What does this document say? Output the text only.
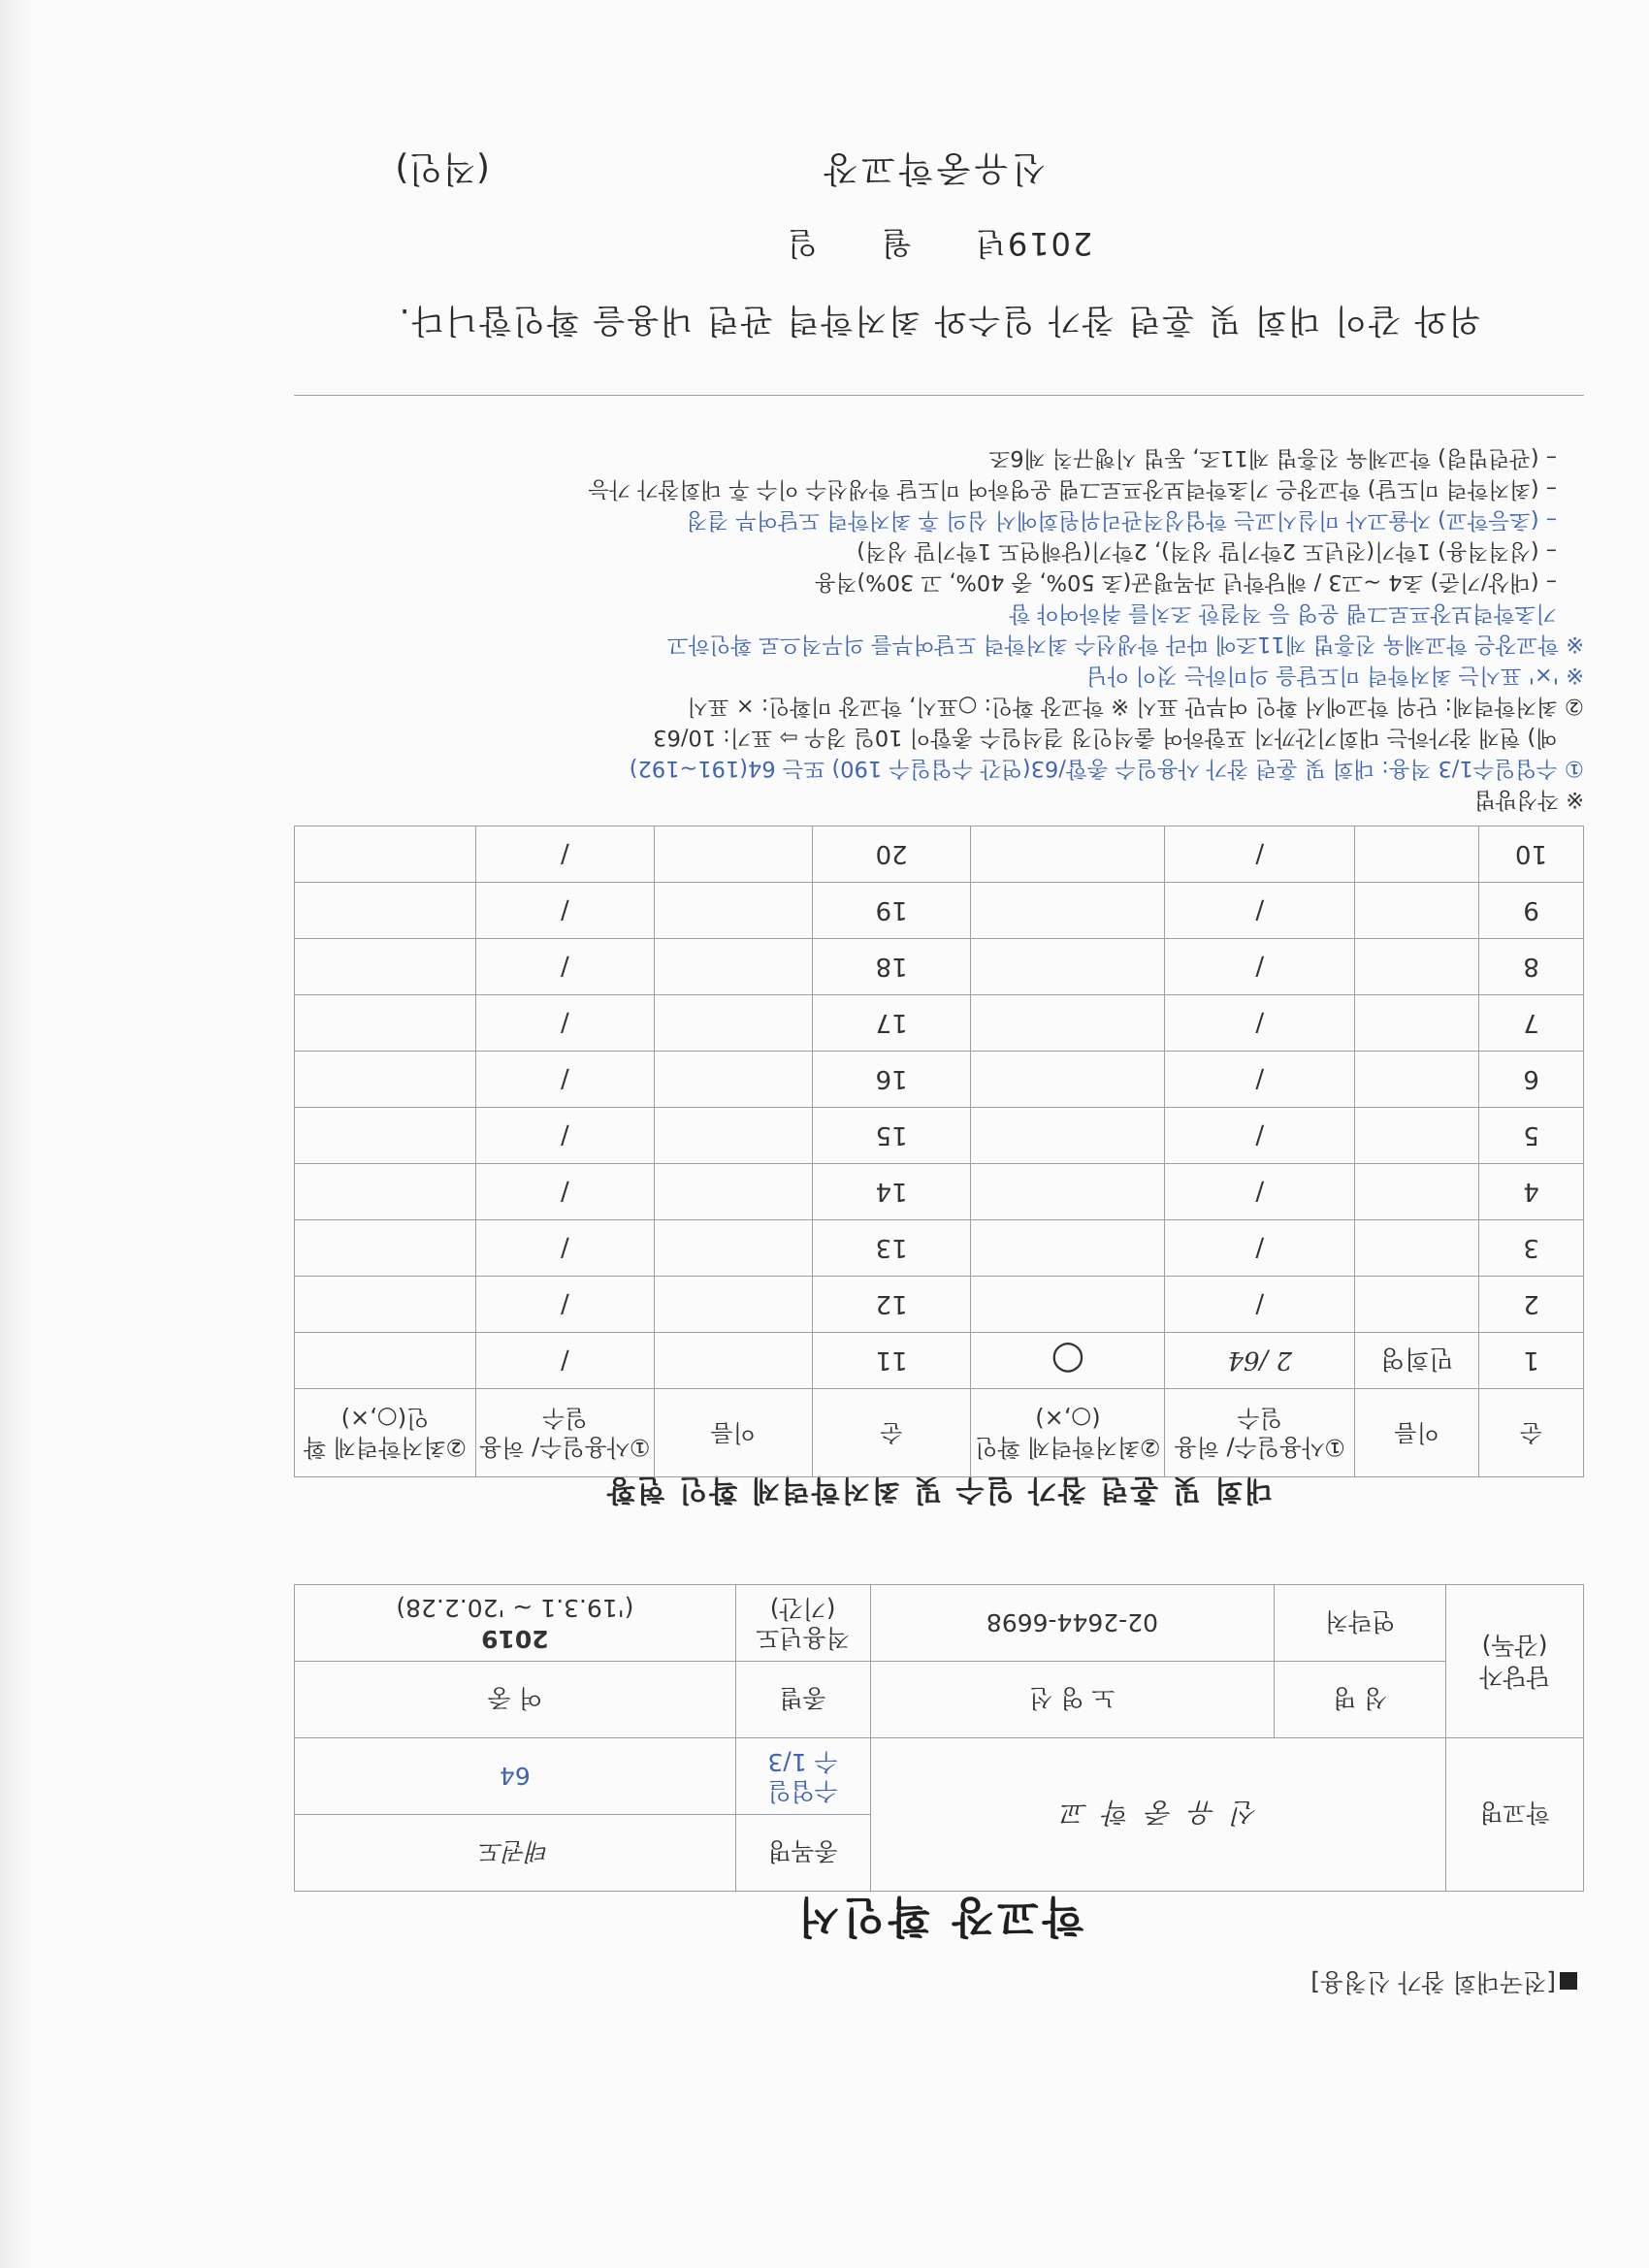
[전국대회 참가 신청용]
학교장 확인서
학교명	신 유 중 학 교		종목명	태권도
			수업일수 1/3	64
담당자 (감독)	성 명	노 영 선	종별	여 중
	연락처	02-2644-6698	적용년도 (기간)	2019
('19.3.1 ~ '20.2.28)
대회 및 훈련 참가 일수 및 최저학력제 확인 현황
순	이름	①사용일수/ 허용일수	②최저학력제 확인(○,×)	순	이름	①사용일수/ 허용일수	②최저학력제 확인(○,×)
1	민희영	2 /64	○	11		/	
2		/		12		/	
3		/		13		/	
4		/		14		/	
5		/		15		/	
6		/		16		/	
7		/		17		/	
8		/		18		/	
9		/		19		/	
10		/		20		/	
※ 작성방법
① 수업일수1/3 적용: 대회 및 훈련 참가 사용일수 총합/63(연간 수업일수 190) 또는 64(191~192)
예) 현재 참가하는 대회기간까지 포함하여 출석인정 결석일수 총합이 10일 경우 ⇨ 표기: 10/63
② 최저학력제: 단위 학교에서 확인 여부만 표시 ※ 학교장 확인: ○표시, 학교장 미확인: × 표시
※ '×' 표시는 최저학력 미도달을 의미하는 것이 아님
※ 학교장은 학교체육 진흥법 제11조에 따라 학생선수 최저학력 도달여부를 의무적으로 확인하고
기초학력보장프로그램 운영 등 적절한 조치를 취하여야 함
– (대상/기준) 초4 ~고3 / 해당학년 과목평균(초 50%, 중 40%, 고 30%)적용
– (성적적용) 1학기(전년도 2학기말 성적), 2학기(당해연도 1학기말 성적)
– (초등학교) 자율고사 미실시교는 학업성적관리위원회에서 심의 후 최저학력 도달여부 결정
– (최저학력 미도달) 학교장은 기초학력보장프로그램 운영하여 미도달 학생선수 이수 후 대회참가 가능
– (관련법령) 학교체육 진흥법 제11조, 동법 시행규칙 제6조
위와 같이 대회 및 훈련 참가 일수와 최저학력 관련 내용을 확인합니다.
2019년 월 일
신유중학교장
(직인)
